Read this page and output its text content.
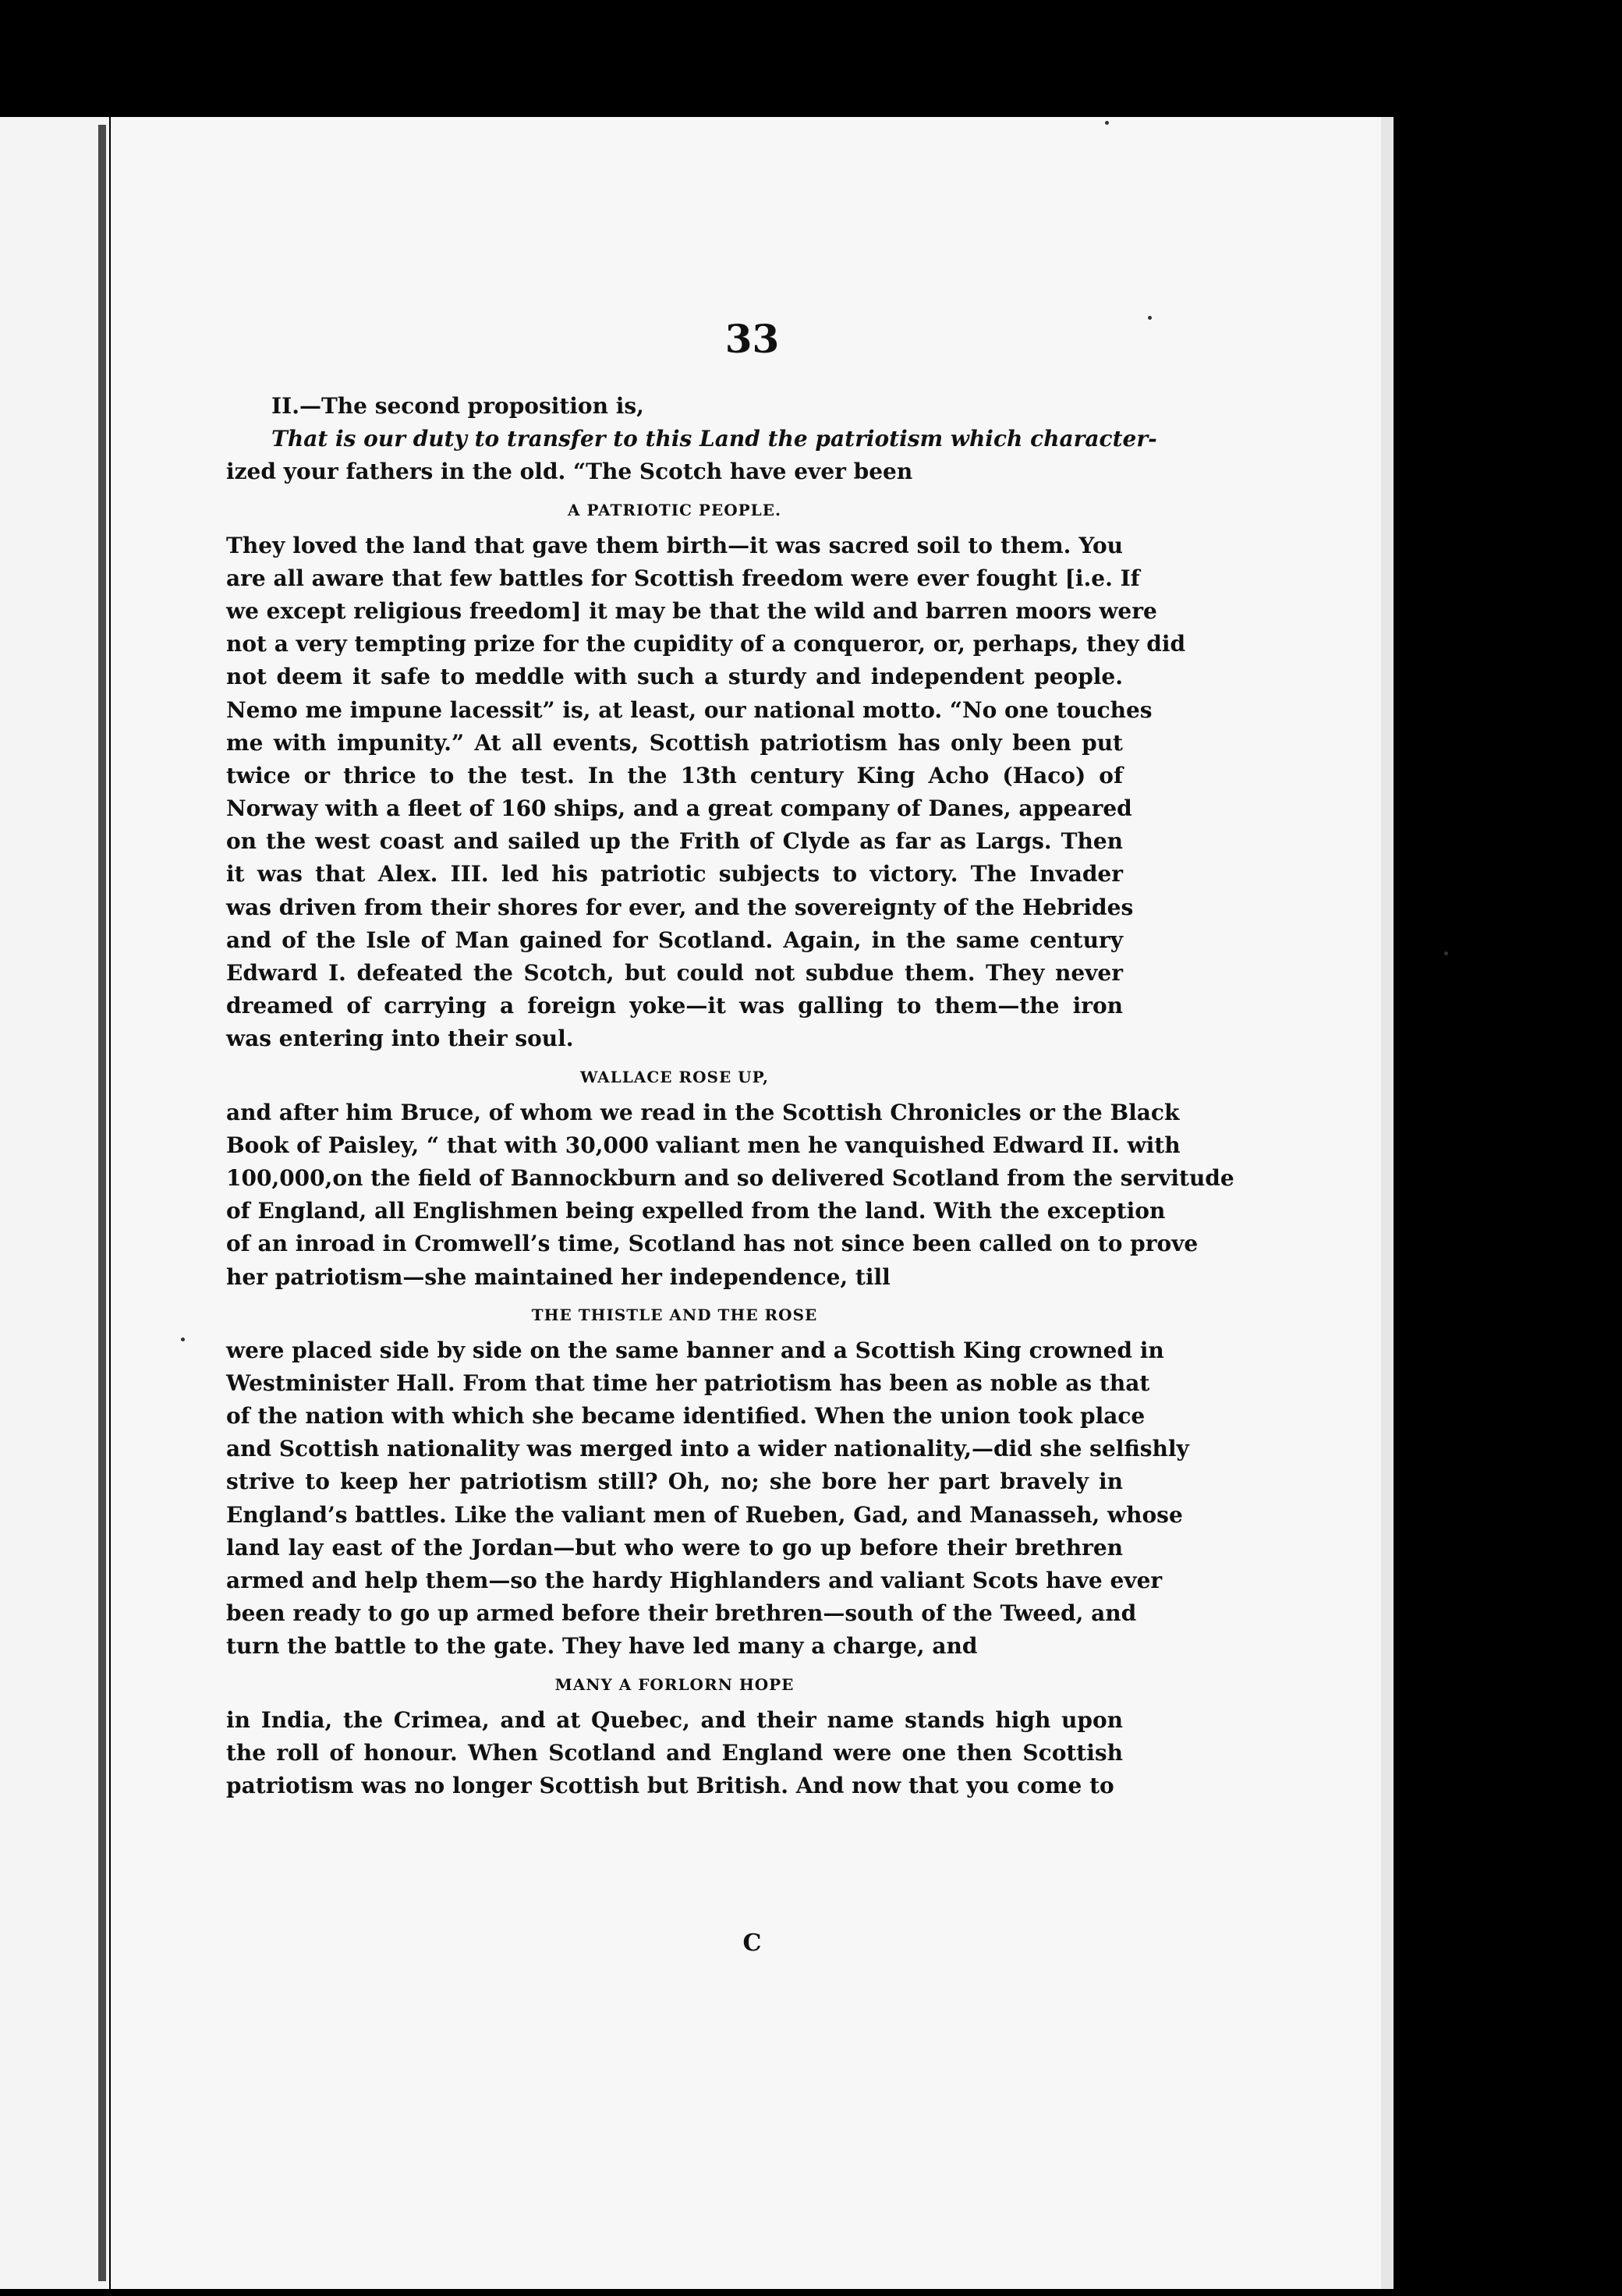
33
II.—The second proposition is,
That is our duty to transfer to this Land the patriotism which character-
ized your fathers in the old. “The Scotch have ever been
A PATRIOTIC PEOPLE.
They loved the land that gave them birth—it was sacred soil to them. You
are all aware that few battles for Scottish freedom were ever fought [i.e. If
we except religious freedom] it may be that the wild and barren moors were
not a very tempting prize for the cupidity of a conqueror, or, perhaps, they did
not deem it safe to meddle with such a sturdy and independent people.
Nemo me impune lacessit” is, at least, our national motto. “No one touches
me with impunity.” At all events, Scottish patriotism has only been put
twice or thrice to the test. In the 13th century King Acho (Haco) of
Norway with a fleet of 160 ships, and a great company of Danes, appeared
on the west coast and sailed up the Frith of Clyde as far as Largs. Then
it was that Alex. III. led his patriotic subjects to victory. The Invader
was driven from their shores for ever, and the sovereignty of the Hebrides
and of the Isle of Man gained for Scotland. Again, in the same century
Edward I. defeated the Scotch, but could not subdue them. They never
dreamed of carrying a foreign yoke—it was galling to them—the iron
was entering into their soul.
WALLACE ROSE UP,
and after him Bruce, of whom we read in the Scottish Chronicles or the Black
Book of Paisley, “ that with 30,000 valiant men he vanquished Edward II. with
100,000,on the field of Bannockburn and so delivered Scotland from the servitude
of England, all Englishmen being expelled from the land. With the exception
of an inroad in Cromwell’s time, Scotland has not since been called on to prove
her patriotism—she maintained her independence, till
THE THISTLE AND THE ROSE
were placed side by side on the same banner and a Scottish King crowned in
Westminister Hall. From that time her patriotism has been as noble as that
of the nation with which she became identified. When the union took place
and Scottish nationality was merged into a wider nationality,—did she selfishly
strive to keep her patriotism still? Oh, no; she bore her part bravely in
England’s battles. Like the valiant men of Rueben, Gad, and Manasseh, whose
land lay east of the Jordan—but who were to go up before their brethren
armed and help them—so the hardy Highlanders and valiant Scots have ever
been ready to go up armed before their brethren—south of the Tweed, and
turn the battle to the gate. They have led many a charge, and
MANY A FORLORN HOPE
in India, the Crimea, and at Quebec, and their name stands high upon
the roll of honour. When Scotland and England were one then Scottish
patriotism was no longer Scottish but British. And now that you come to
C
